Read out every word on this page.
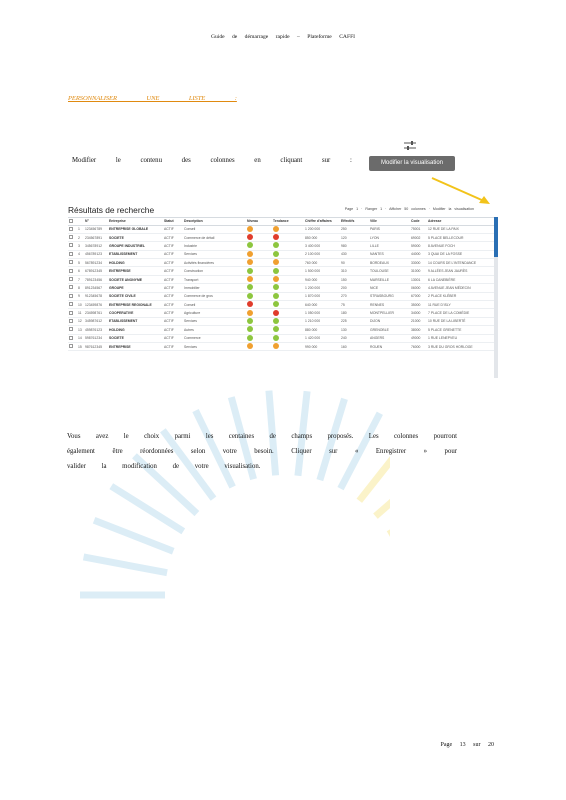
Guide de démarrage rapide – Plateforme CAFFI
PERSONNALISER UNE LISTE :
Modifier le contenu des colonnes en cliquant sur :	Modifier la visualisation
Résultats de recherche	Page 1 · Ranger 1 · Afficher 50 colonnes · Modifier la visualisation
		N°	Entreprise	Statut	Description	Niveau	Tendance	Chiffre d'affaires	Effectifs	Ville	Code	Adresse
	1	123456789	ENTREPRISE GLOBALE	ACTIF	Conseil			1 200 000	250	PARIS	75001	12 RUE DE LA PAIX
	2	234567891	SOCIETE	ACTIF	Commerce de détail			850 000	120	LYON	69002	5 PLACE BELLECOUR
	3	345678912	GROUPE INDUSTRIEL	ACTIF	Industrie			3 400 000	980	LILLE	59000	8 AVENUE FOCH
	4	456789123	ETABLISSEMENT	ACTIF	Services			2 100 000	430	NANTES	44000	3 QUAI DE LA FOSSE
	5	567891234	HOLDING	ACTIF	Activités financières			760 000	90	BORDEAUX	33000	14 COURS DE L'INTENDANCE
	6	678912345	ENTREPRISE	ACTIF	Construction			1 500 000	310	TOULOUSE	31000	9 ALLÉES JEAN JAURÈS
	7	789123456	SOCIETE ANONYME	ACTIF	Transport			940 000	150	MARSEILLE	13001	6 LA CANEBIÈRE
	8	891234567	GROUPE	ACTIF	Immobilier			1 200 000	200	NICE	06000	4 AVENUE JEAN MÉDECIN
	9	912345678	SOCIETE CIVILE	ACTIF	Commerce de gros			1 870 000	270	STRASBOURG	67000	2 PLACE KLÉBER
	10	123459876	ENTREPRISE REGIONALE	ACTIF	Conseil			640 000	75	RENNES	35000	11 RUE D'ISLY
	11	234598761	COOPERATIVE	ACTIF	Agriculture			1 050 000	180	MONTPELLIER	34000	7 PLACE DE LA COMÉDIE
	12	345987612	ETABLISSEMENT	ACTIF	Services			1 210 000	225	DIJON	21000	10 RUE DE LA LIBERTÉ
	13	459876123	HOLDING	ACTIF	Autres			880 000	130	GRENOBLE	38000	5 PLACE GRENETTE
	14	598761234	SOCIETE	ACTIF	Commerce			1 420 000	240	ANGERS	49000	1 RUE LENEPVEU
	15	987612345	ENTREPRISE	ACTIF	Services			990 000	160	ROUEN	76000	3 RUE DU GROS HORLOGE

Vous avez le choix parmi les centaines de champs proposés. Les colonnes pourront

également être réordonnées selon votre besoin. Cliquer sur « Enregistrer » pour

valider la modification de votre visualisation.

Page 13 sur 20
